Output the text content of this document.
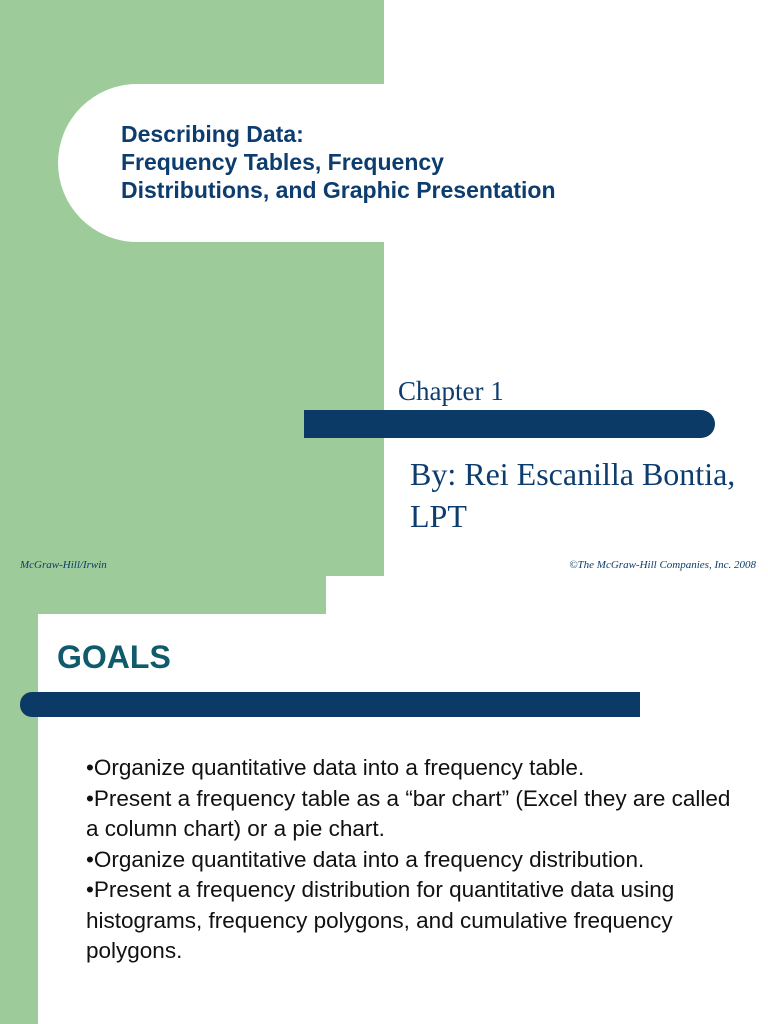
Describing Data:
Frequency Tables, Frequency
Distributions, and Graphic Presentation
Chapter 1
By: Rei Escanilla Bontia, LPT
McGraw-Hill/Irwin	©The McGraw-Hill Companies, Inc. 2008
GOALS
•Organize quantitative data into a frequency table.
•Present a frequency table as a “bar chart” (Excel they are called a column chart) or a pie chart.
•Organize quantitative data into a frequency distribution.
•Present a frequency distribution for quantitative data using histograms, frequency polygons, and cumulative frequency polygons.
